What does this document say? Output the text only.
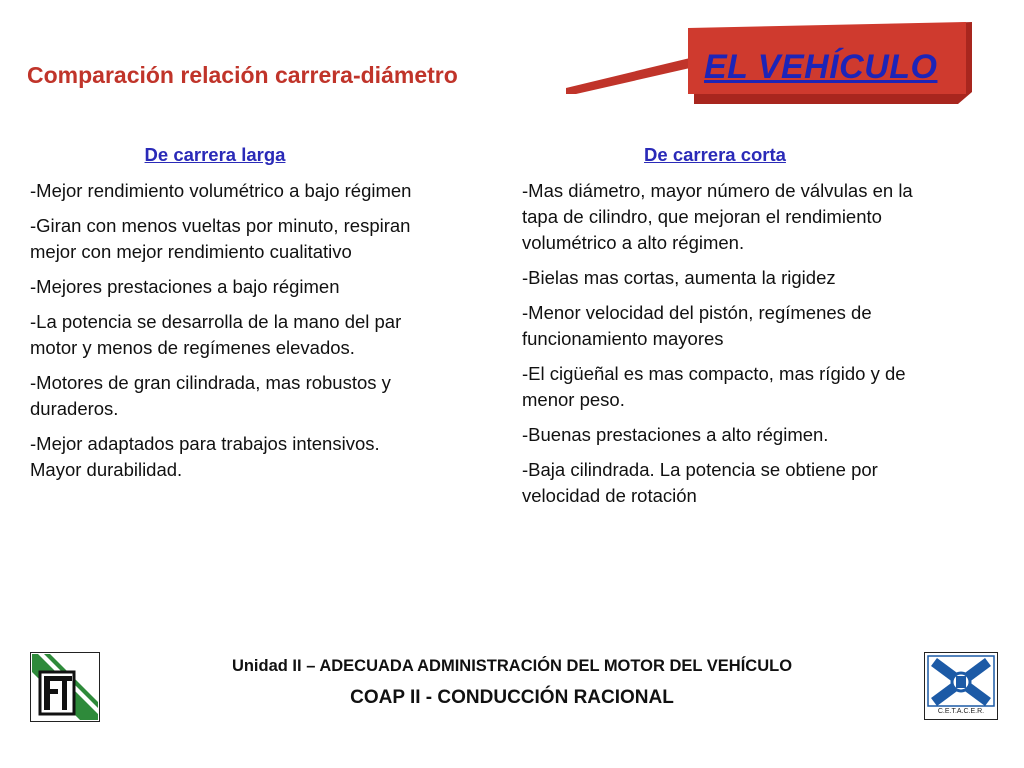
EL VEHÍCULO
Comparación relación carrera-diámetro
De carrera larga
-Mejor rendimiento volumétrico a bajo régimen
-Giran con menos vueltas por minuto, respiran mejor con mejor rendimiento cualitativo
-Mejores prestaciones a bajo régimen
-La potencia se desarrolla de la mano del par motor y menos de regímenes elevados.
-Motores de gran cilindrada, mas robustos y duraderos.
-Mejor adaptados para trabajos intensivos. Mayor durabilidad.
De carrera corta
-Mas diámetro, mayor número de válvulas en la tapa de cilindro, que mejoran el rendimiento volumétrico a alto régimen.
-Bielas mas cortas, aumenta la rigidez
-Menor velocidad del pistón, regímenes de funcionamiento mayores
-El cigüeñal es mas compacto, mas rígido y de menor peso.
-Buenas prestaciones a alto régimen.
-Baja cilindrada. La potencia se obtiene por velocidad de rotación
Unidad II – ADECUADA ADMINISTRACIÓN DEL MOTOR DEL VEHÍCULO
COAP II - CONDUCCIÓN RACIONAL
C.E.T.A.C.E.R.
